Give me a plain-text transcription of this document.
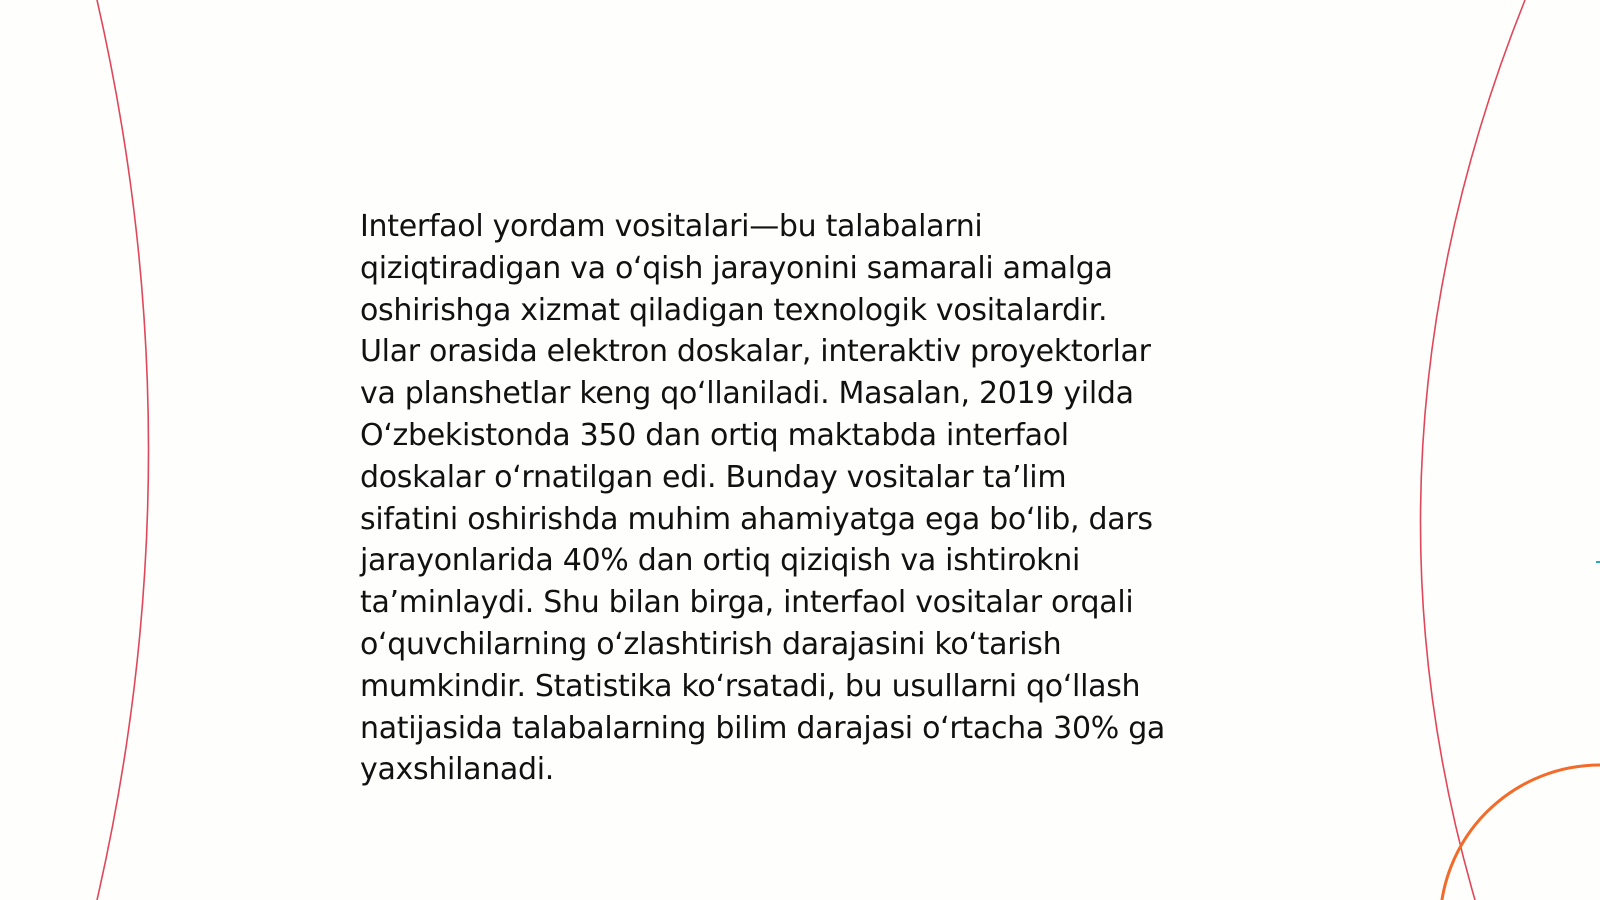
Interfaol yordam vositalari—bu talabalarni
qiziqtiradigan va o‘qish jarayonini samarali amalga
oshirishga xizmat qiladigan texnologik vositalardir.
Ular orasida elektron doskalar, interaktiv proyektorlar
va planshetlar keng qo‘llaniladi. Masalan, 2019 yilda
O‘zbekistonda 350 dan ortiq maktabda interfaol
doskalar o‘rnatilgan edi. Bunday vositalar ta’lim
sifatini oshirishda muhim ahamiyatga ega bo‘lib, dars
jarayonlarida 40% dan ortiq qiziqish va ishtirokni
ta’minlaydi. Shu bilan birga, interfaol vositalar orqali
o‘quvchilarning o‘zlashtirish darajasini ko‘tarish
mumkindir. Statistika ko‘rsatadi, bu usullarni qo‘llash
natijasida talabalarning bilim darajasi o‘rtacha 30% ga
yaxshilanadi.
